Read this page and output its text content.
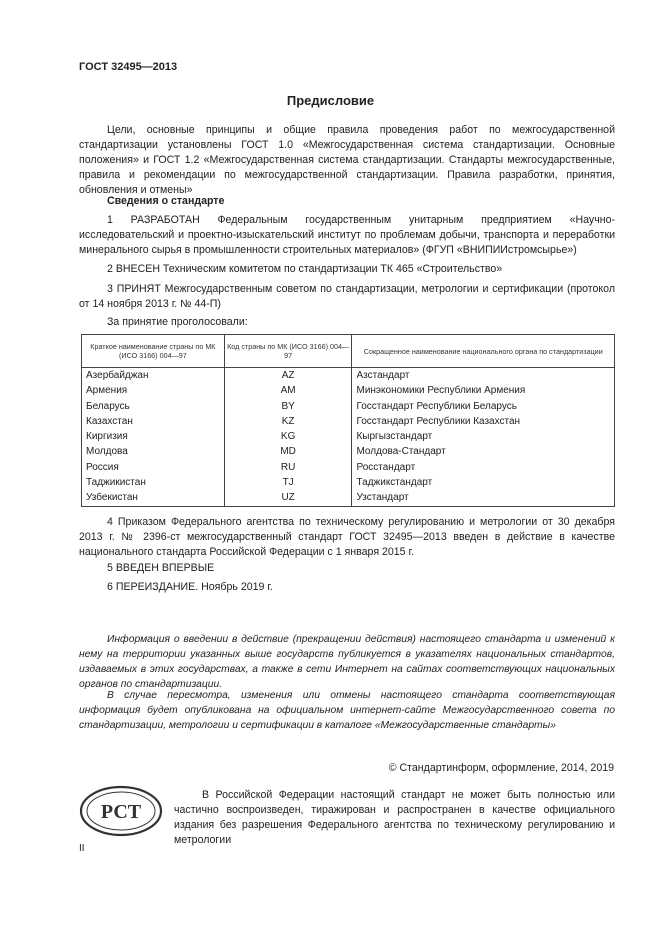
ГОСТ 32495—2013
Предисловие

Цели, основные принципы и общие правила проведения работ по межгосударственной стандартизации установлены ГОСТ 1.0 «Межгосударственная система стандартизации. Основные положения» и ГОСТ 1.2 «Межгосударственная система стандартизации. Стандарты межгосударственные, правила и рекомендации по межгосударственной стандартизации. Правила разработки, принятия, обновления и отмены»

Сведения о стандарте

1 РАЗРАБОТАН Федеральным государственным унитарным предприятием «Научно-исследовательский и проектно-изыскательский институт по проблемам добычи, транспорта и переработки минерального сырья в промышленности строительных материалов» (ФГУП «ВНИПИИстромсырье»)

2 ВНЕСЕН Техническим комитетом по стандартизации ТК 465 «Строительство»

3 ПРИНЯТ Межгосударственным советом по стандартизации, метрологии и сертификации (протокол от 14 ноября 2013 г. № 44-П)

За принятие проголосовали:

Краткое наименование страны по МК (ИСО 3166) 004—97	Код страны по МК (ИСО 3166) 004—97	Сокращенное наименование национального органа по стандартизации
Азербайджан	AZ	Азстандарт
Армения	AM	Минэкономики Республики Армения
Беларусь	BY	Госстандарт Республики Беларусь
Казахстан	KZ	Госстандарт Республики Казахстан
Киргизия	KG	Кыргызстандарт
Молдова	MD	Молдова-Стандарт
Россия	RU	Росстандарт
Таджикистан	TJ	Таджикстандарт
Узбекистан	UZ	Узстандарт

4 Приказом Федерального агентства по техническому регулированию и метрологии от 30 декабря 2013 г. № 2396-ст межгосударственный стандарт ГОСТ 32495—2013 введен в действие в качестве национального стандарта Российской Федерации с 1 января 2015 г.

5 ВВЕДЕН ВПЕРВЫЕ

6 ПЕРЕИЗДАНИЕ. Ноябрь 2019 г.

Информация о введении в действие (прекращении действия) настоящего стандарта и изменений к нему на территории указанных выше государств публикуется в указателях национальных стандартов, издаваемых в этих государствах, а также в сети Интернет на сайтах соответствующих национальных органов по стандартизации.

В случае пересмотра, изменения или отмены настоящего стандарта соответствующая информация будет опубликована на официальном интернет-сайте Межгосударственного совета по стандартизации, метрологии и сертификации в каталоге «Межгосударственные стандарты»

© Стандартинформ, оформление, 2014, 2019
РСТ

В Российской Федерации настоящий стандарт не может быть полностью или частично воспроизведен, тиражирован и распространен в качестве официального издания без разрешения Федерального агентства по техническому регулированию и метрологии

II
